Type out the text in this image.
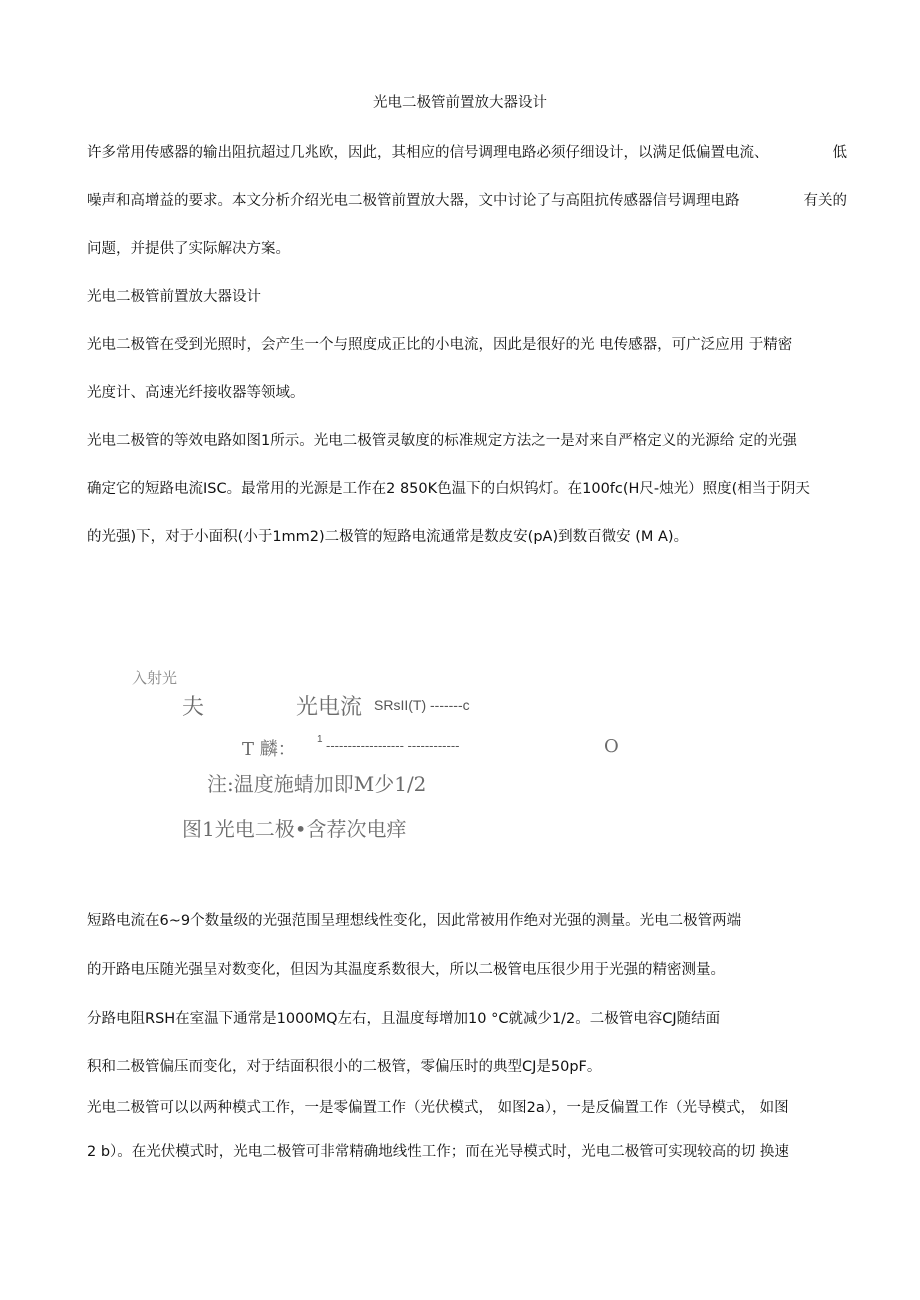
光电二极管前置放大器设计
许多常用传感器的输出阻抗超过几兆欧，因此，其相应的信号调理电路必须仔细设计，以满足低偏置电流、	低
噪声和高增益的要求。本文分析介绍光电二极管前置放大器，文中讨论了与高阻抗传感器信号调理电路	有关的
问题，并提供了实际解决方案。
光电二极管前置放大器设计
光电二极管在受到光照时，会产生一个与照度成正比的小电流，因此是很好的光 电传感器，可广泛应用 于精密
光度计、高速光纤接收器等领域。
光电二极管的等效电路如图1所示。光电二极管灵敏度的标准规定方法之一是对来自严格定义的光源给 定的光强
确定它的短路电流ISC。最常用的光源是工作在2 850K色温下的白炽钨灯。在100fc(H尺-烛光）照度(相当于阴天
的光强)下，对于小面积(小于1mm2)二极管的短路电流通常是数皮安(pA)到数百微安 (M A)。
入射光
夫	光电流 SRsII(T) -------c
T 麟： 1 ------------------ ------------	O
注:温度施蜻加即M少1/2
图1光电二极•含荐次电痒
短路电流在6~9个数量级的光强范围呈理想线性变化，因此常被用作绝对光强的测量。光电二极管两端
的开路电压随光强呈对数变化，但因为其温度系数很大，所以二极管电压很少用于光强的精密测量。
分路电阻RSH在室温下通常是1000MQ左右，且温度每增加10 °C就减少1/2。二极管电容CJ随结面
积和二极管偏压而变化，对于结面积很小的二极管，零偏压时的典型CJ是50pF。
光电二极管可以以两种模式工作，一是零偏置工作（光伏模式， 如图2a），一是反偏置工作（光导模式， 如图
2 b）。在光伏模式时，光电二极管可非常精确地线性工作；而在光导模式时，光电二极管可实现较高的切 换速
